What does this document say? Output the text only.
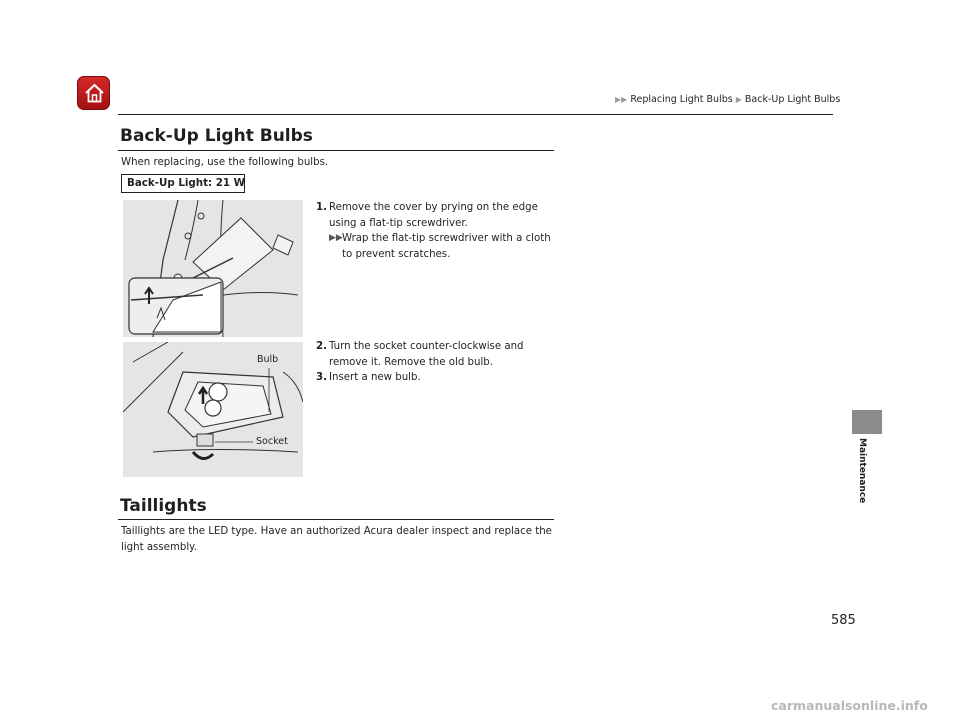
▶▶ Replacing Light Bulbs ▶ Back-Up Light Bulbs
Back-Up Light Bulbs
When replacing, use the following bulbs.
Back-Up Light: 21 W
Bulb
Socket
1. Remove the cover by prying on the edge
using a flat-tip screwdriver.
▶▶ Wrap the flat-tip screwdriver with a cloth
to prevent scratches.
2. Turn the socket counter-clockwise and
remove it. Remove the old bulb.
3. Insert a new bulb.
Taillights
Taillights are the LED type. Have an authorized Acura dealer inspect and replace the
light assembly.
Maintenance
585
carmanualsonline.info
